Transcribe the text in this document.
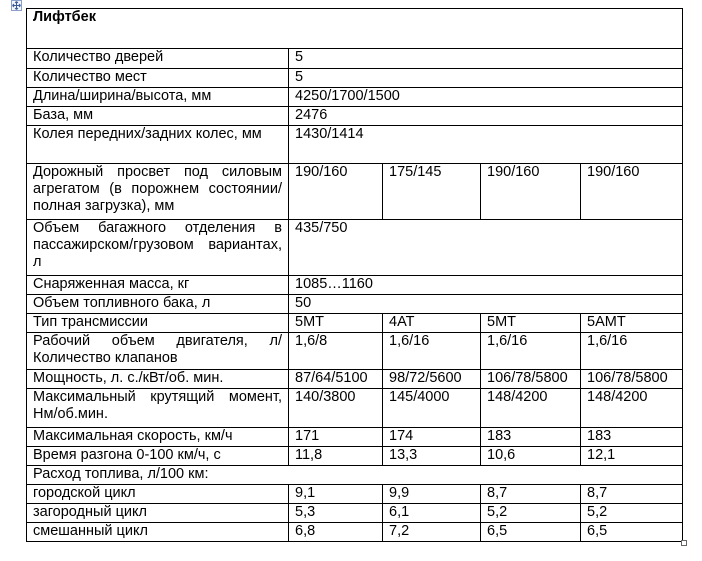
Лифтбек				
Количество дверей	5			
Количество мест	5			
Длина/ширина/высота, мм	4250/1700/1500			
База, мм	2476			
Колея передних/задних колес, мм	1430/1414			
Дорожный просвет под силовым агрегатом (в порожнем состоянии/полная загрузка), мм	190/160	175/145	190/160	190/160
Объем багажного отделения в пассажирском/грузовом вариантах, л	435/750			
Снаряженная масса, кг	1085…1160			
Объем топливного бака, л	50			
Тип трансмиссии	5МТ	4АТ	5МТ	5АМТ
Рабочий объем двигателя, л/Количество клапанов	1,6/8	1,6/16	1,6/16	1,6/16
Мощность, л. с./кВт/об. мин.	87/64/5100	98/72/5600	106/78/5800	106/78/5800
Максимальный крутящий момент, Нм/об.мин.	140/3800	145/4000	148/4200	148/4200
Максимальная скорость, км/ч	171	174	183	183
Время разгона 0-100 км/ч, с	11,8	13,3	10,6	12,1
Расход топлива, л/100 км:				
городской цикл	9,1	9,9	8,7	8,7
загородный цикл	5,3	6,1	5,2	5,2
смешанный цикл	6,8	7,2	6,5	6,5
